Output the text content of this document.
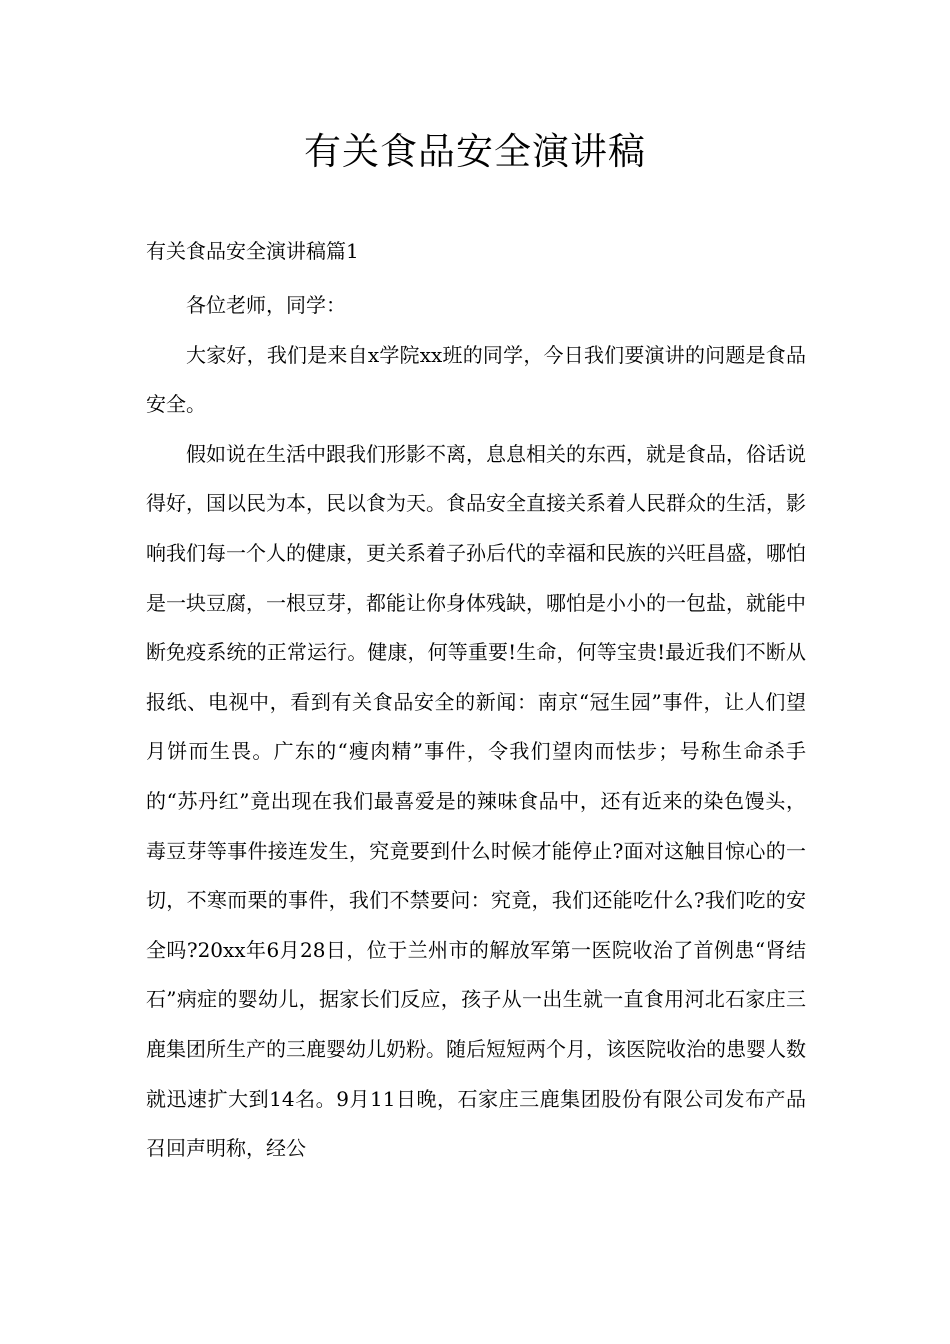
有关食品安全演讲稿
有关食品安全演讲稿篇1

各位老师，同学：

大家好，我们是来自x学院xx班的同学，今日我们要演讲的问题是食品安全。

假如说在生活中跟我们形影不离，息息相关的东西，就是食品，俗话说得好，国以民为本，民以食为天。食品安全直接关系着人民群众的生活，影响我们每一个人的健康，更关系着子孙后代的幸福和民族的兴旺昌盛，哪怕是一块豆腐，一根豆芽，都能让你身体残缺，哪怕是小小的一包盐，就能中断免疫系统的正常运行。健康，何等重要!生命，何等宝贵!最近我们不断从报纸、电视中，看到有关食品安全的新闻：南京“冠生园”事件，让人们望月饼而生畏。广东的“瘦肉精”事件，令我们望肉而怯步；号称生命杀手的“苏丹红”竟出现在我们最喜爱是的辣味食品中，还有近来的染色馒头，毒豆芽等事件接连发生，究竟要到什么时候才能停止?面对这触目惊心的一切，不寒而栗的事件，我们不禁要问：究竟，我们还能吃什么?我们吃的安全吗?20xx年6月28日，位于兰州市的解放军第一医院收治了首例患“肾结石”病症的婴幼儿，据家长们反应，孩子从一出生就一直食用河北石家庄三鹿集团所生产的三鹿婴幼儿奶粉。随后短短两个月，该医院收治的患婴人数就迅速扩大到14名。9月11日晚，石家庄三鹿集团股份有限公司发布产品召回声明称，经公
